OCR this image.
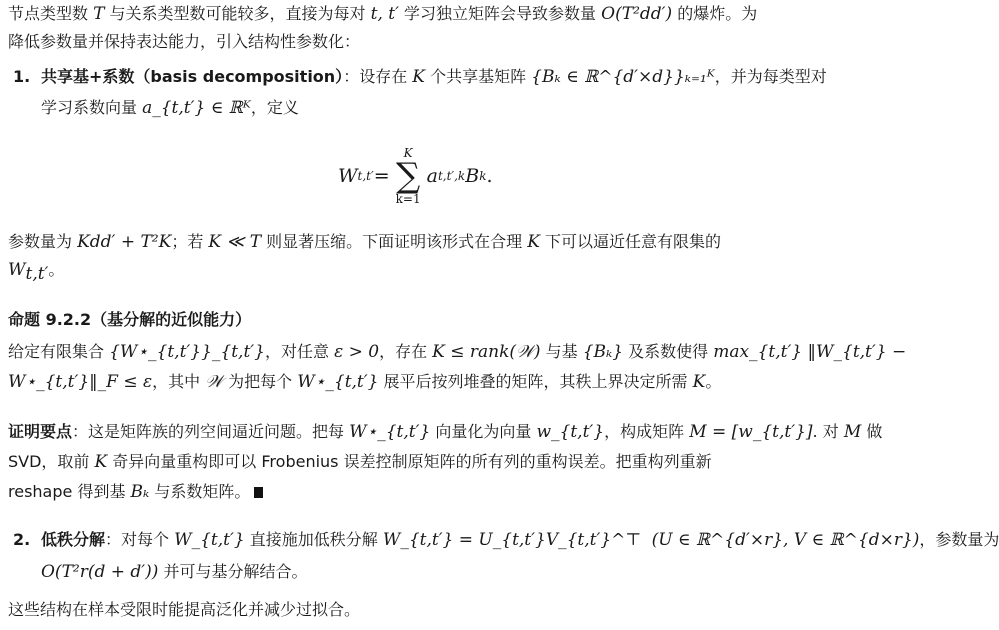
节点类型数 T 与关系类型数可能较多，直接为每对 t, t′ 学习独立矩阵会导致参数量 O(T²dd′) 的爆炸。为
降低参数量并保持表达能力，引入结构性参数化：
1. 共享基+系数（basis decomposition）：设存在 K 个共享基矩阵 {Bₖ ∈ ℝ^{d′×d}}ₖ₌₁ᴷ，并为每类型对
学习系数向量 a_{t,t′} ∈ ℝᴷ，定义
W t,t′ =
K
∑
k=1
a t,t′,k B k .
参数量为 Kdd′ + T²K；若 K ≪ T 则显著压缩。下面证明该形式在合理 K 下可以逼近任意有限集的
$W_{t,t'}$。
命题 9.2.2（基分解的近似能力）
给定有限集合 {W⋆_{t,t′}}_{t,t′}，对任意 ε > 0，存在 K ≤ rank(𝒲) 与基 {Bₖ} 及系数使得 max_{t,t′} ‖W_{t,t′} −
W⋆_{t,t′}‖_F ≤ ε，其中 𝒲 为把每个 W⋆_{t,t′} 展平后按列堆叠的矩阵，其秩上界决定所需 K。
证明要点：这是矩阵族的列空间逼近问题。把每 W⋆_{t,t′} 向量化为向量 w_{t,t′}，构成矩阵 M = [w_{t,t′}]. 对 M 做
SVD，取前 K 奇异向量重构即可以 Frobenius 误差控制原矩阵的所有列的重构误差。把重构列重新
reshape 得到基 Bₖ 与系数矩阵。
2. 低秩分解：对每个 W_{t,t′} 直接施加低秩分解 W_{t,t′} = U_{t,t′}V_{t,t′}^⊤ (U ∈ ℝ^{d′×r}, V ∈ ℝ^{d×r})，参数量为
O(T²r(d + d′)) 并可与基分解结合。
这些结构在样本受限时能提高泛化并减少过拟合。
